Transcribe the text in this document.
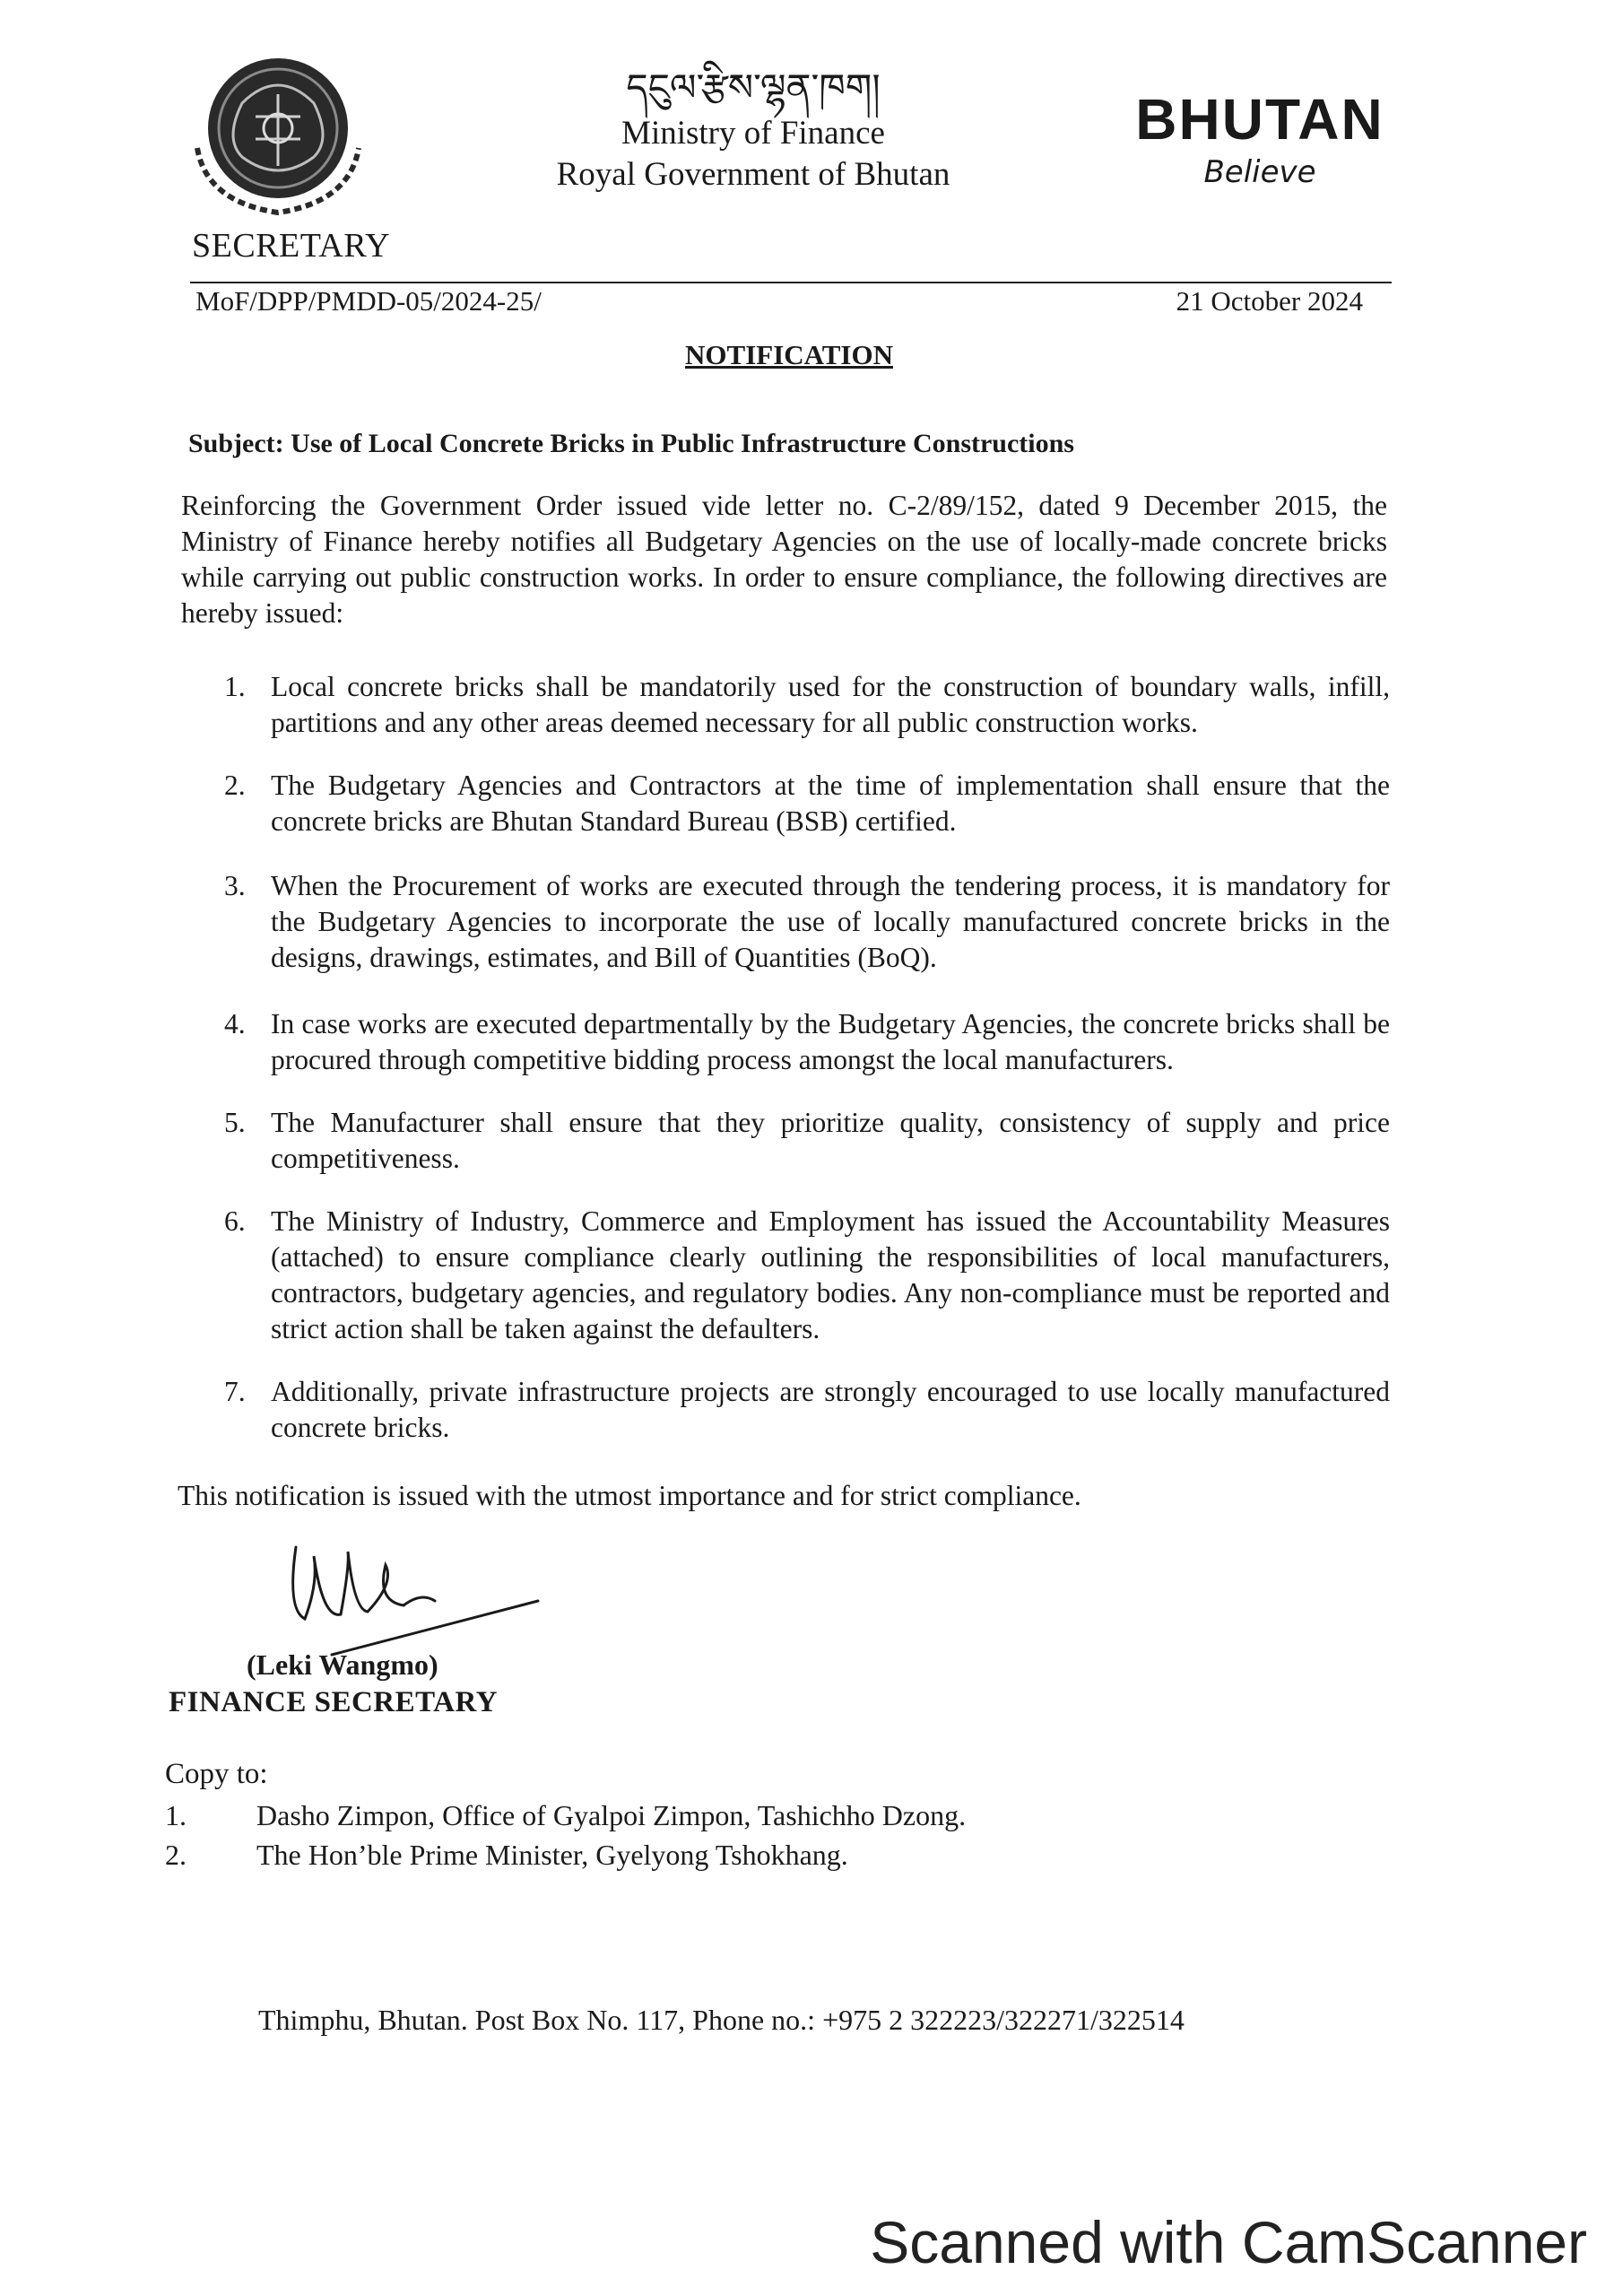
SECRETARY
དངུལ་རྩིས་ལྷན་ཁག།
Ministry of Finance
Royal Government of Bhutan
BHUTAN
Believe
MoF/DPP/PMDD-05/2024-25/	21 October 2024
NOTIFICATION
Subject: Use of Local Concrete Bricks in Public Infrastructure Constructions
Reinforcing the Government Order issued vide letter no. C-2/89/152, dated 9 December 2015, the Ministry of Finance hereby notifies all Budgetary Agencies on the use of locally-made concrete bricks while carrying out public construction works. In order to ensure compliance, the following directives are hereby issued:
1. Local concrete bricks shall be mandatorily used for the construction of boundary walls, infill, partitions and any other areas deemed necessary for all public construction works.
2. The Budgetary Agencies and Contractors at the time of implementation shall ensure that the concrete bricks are Bhutan Standard Bureau (BSB) certified.
3. When the Procurement of works are executed through the tendering process, it is mandatory for the Budgetary Agencies to incorporate the use of locally manufactured concrete bricks in the designs, drawings, estimates, and Bill of Quantities (BoQ).
4. In case works are executed departmentally by the Budgetary Agencies, the concrete bricks shall be procured through competitive bidding process amongst the local manufacturers.
5. The Manufacturer shall ensure that they prioritize quality, consistency of supply and price competitiveness.
6. The Ministry of Industry, Commerce and Employment has issued the Accountability Measures (attached) to ensure compliance clearly outlining the responsibilities of local manufacturers, contractors, budgetary agencies, and regulatory bodies. Any non-compliance must be reported and strict action shall be taken against the defaulters.
7. Additionally, private infrastructure projects are strongly encouraged to use locally manufactured concrete bricks.
This notification is issued with the utmost importance and for strict compliance.
(Leki Wangmo)
FINANCE SECRETARY
Copy to:
1. Dasho Zimpon, Office of Gyalpoi Zimpon, Tashichho Dzong.
2. The Hon’ble Prime Minister, Gyelyong Tshokhang.
Thimphu, Bhutan. Post Box No. 117, Phone no.: +975 2 322223/322271/322514
Scanned with CamScanner
